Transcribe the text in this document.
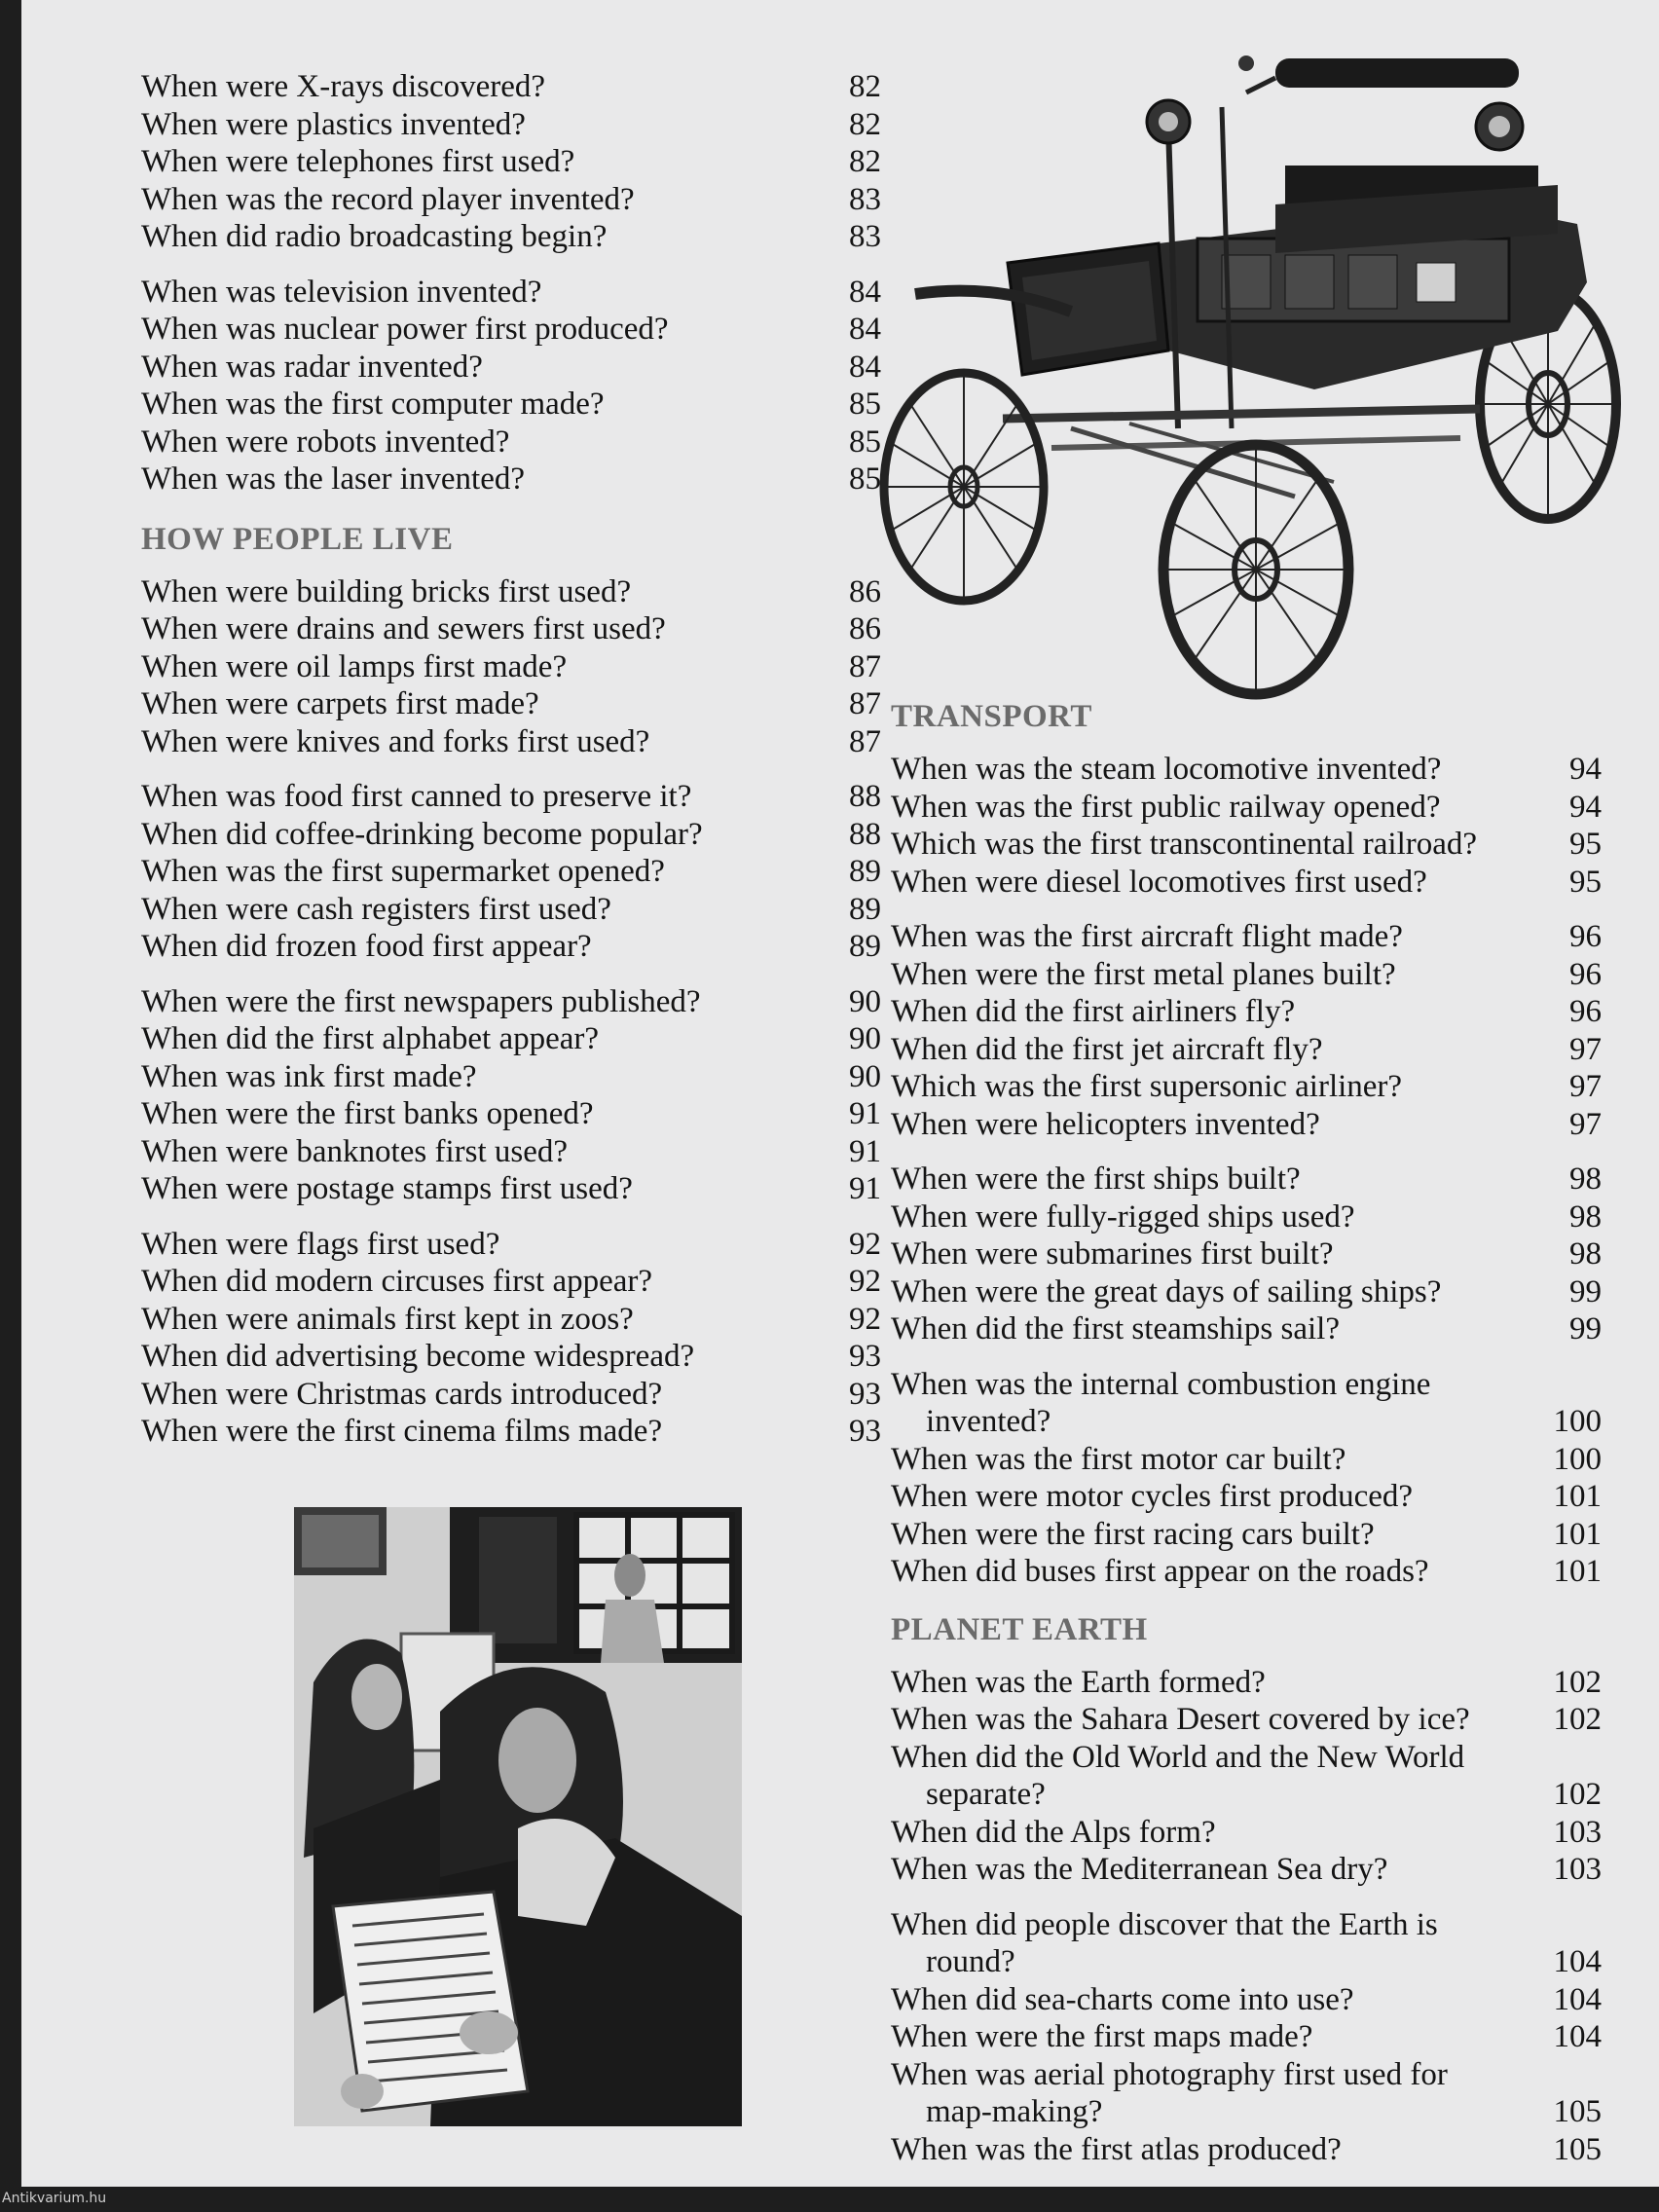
When were X-rays discovered?	82
When were plastics invented?	82
When were telephones first used?	82
When was the record player invented?	83
When did radio broadcasting begin?	83
When was television invented?	84
When was nuclear power first produced?	84
When was radar invented?	84
When was the first computer made?	85
When were robots invented?	85
When was the laser invented?	85
HOW PEOPLE LIVE
When were building bricks first used?	86
When were drains and sewers first used?	86
When were oil lamps first made?	87
When were carpets first made?	87
When were knives and forks first used?	87
When was food first canned to preserve it?	88
When did coffee-drinking become popular?	88
When was the first supermarket opened?	89
When were cash registers first used?	89
When did frozen food first appear?	89
When were the first newspapers published?	90
When did the first alphabet appear?	90
When was ink first made?	90
When were the first banks opened?	91
When were banknotes first used?	91
When were postage stamps first used?	91
When were flags first used?	92
When did modern circuses first appear?	92
When were animals first kept in zoos?	92
When did advertising become widespread?	93
When were Christmas cards introduced?	93
When were the first cinema films made?	93
TRANSPORT
When was the steam locomotive invented?	94
When was the first public railway opened?	94
Which was the first transcontinental railroad?	95
When were diesel locomotives first used?	95
When was the first aircraft flight made?	96
When were the first metal planes built?	96
When did the first airliners fly?	96
When did the first jet aircraft fly?	97
Which was the first supersonic airliner?	97
When were helicopters invented?	97
When were the first ships built?	98
When were fully-rigged ships used?	98
When were submarines first built?	98
When were the great days of sailing ships?	99
When did the first steamships sail?	99
When was the internal combustion engine
invented?	100
When was the first motor car built?	100
When were motor cycles first produced?	101
When were the first racing cars built?	101
When did buses first appear on the roads?	101
PLANET EARTH
When was the Earth formed?	102
When was the Sahara Desert covered by ice?	102
When did the Old World and the New World
separate?	102
When did the Alps form?	103
When was the Mediterranean Sea dry?	103
When did people discover that the Earth is
round?	104
When did sea-charts come into use?	104
When were the first maps made?	104
When was aerial photography first used for
map-making?	105
When was the first atlas produced?	105
Antikvarium.hu
